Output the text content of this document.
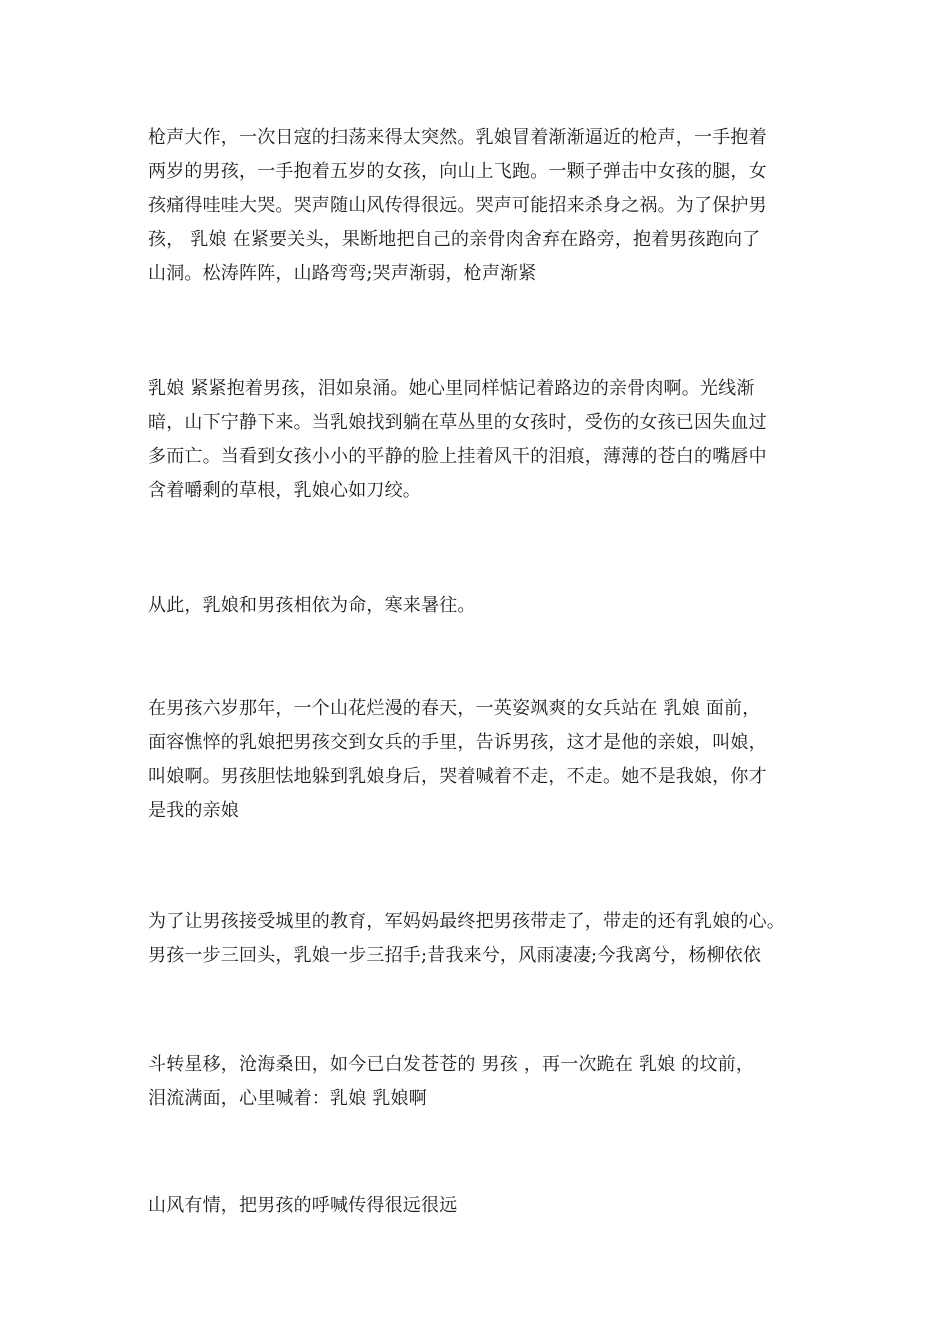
枪声大作，一次日寇的扫荡来得太突然。乳娘冒着渐渐逼近的枪声，一手抱着
两岁的男孩，一手抱着五岁的女孩，向山上飞跑。一颗子弹击中女孩的腿，女
孩痛得哇哇大哭。哭声随山风传得很远。哭声可能招来杀身之祸。为了保护男
孩， 乳娘 在紧要关头，果断地把自己的亲骨肉舍弃在路旁，抱着男孩跑向了
山洞。松涛阵阵，山路弯弯;哭声渐弱，枪声渐紧
乳娘 紧紧抱着男孩，泪如泉涌。她心里同样惦记着路边的亲骨肉啊。光线渐
暗，山下宁静下来。当乳娘找到躺在草丛里的女孩时，受伤的女孩已因失血过
多而亡。当看到女孩小小的平静的脸上挂着风干的泪痕，薄薄的苍白的嘴唇中
含着嚼剩的草根，乳娘心如刀绞。
从此，乳娘和男孩相依为命，寒来暑往。
在男孩六岁那年，一个山花烂漫的春天，一英姿飒爽的女兵站在 乳娘 面前，
面容憔悴的乳娘把男孩交到女兵的手里，告诉男孩，这才是他的亲娘，叫娘，
叫娘啊。男孩胆怯地躲到乳娘身后，哭着喊着不走，不走。她不是我娘，你才
是我的亲娘
为了让男孩接受城里的教育，军妈妈最终把男孩带走了，带走的还有乳娘的心。
男孩一步三回头，乳娘一步三招手;昔我来兮，风雨凄凄;今我离兮，杨柳依依
斗转星移，沧海桑田，如今已白发苍苍的 男孩 ，再一次跪在 乳娘 的坟前，
泪流满面，心里喊着：乳娘 乳娘啊
山风有情，把男孩的呼喊传得很远很远
